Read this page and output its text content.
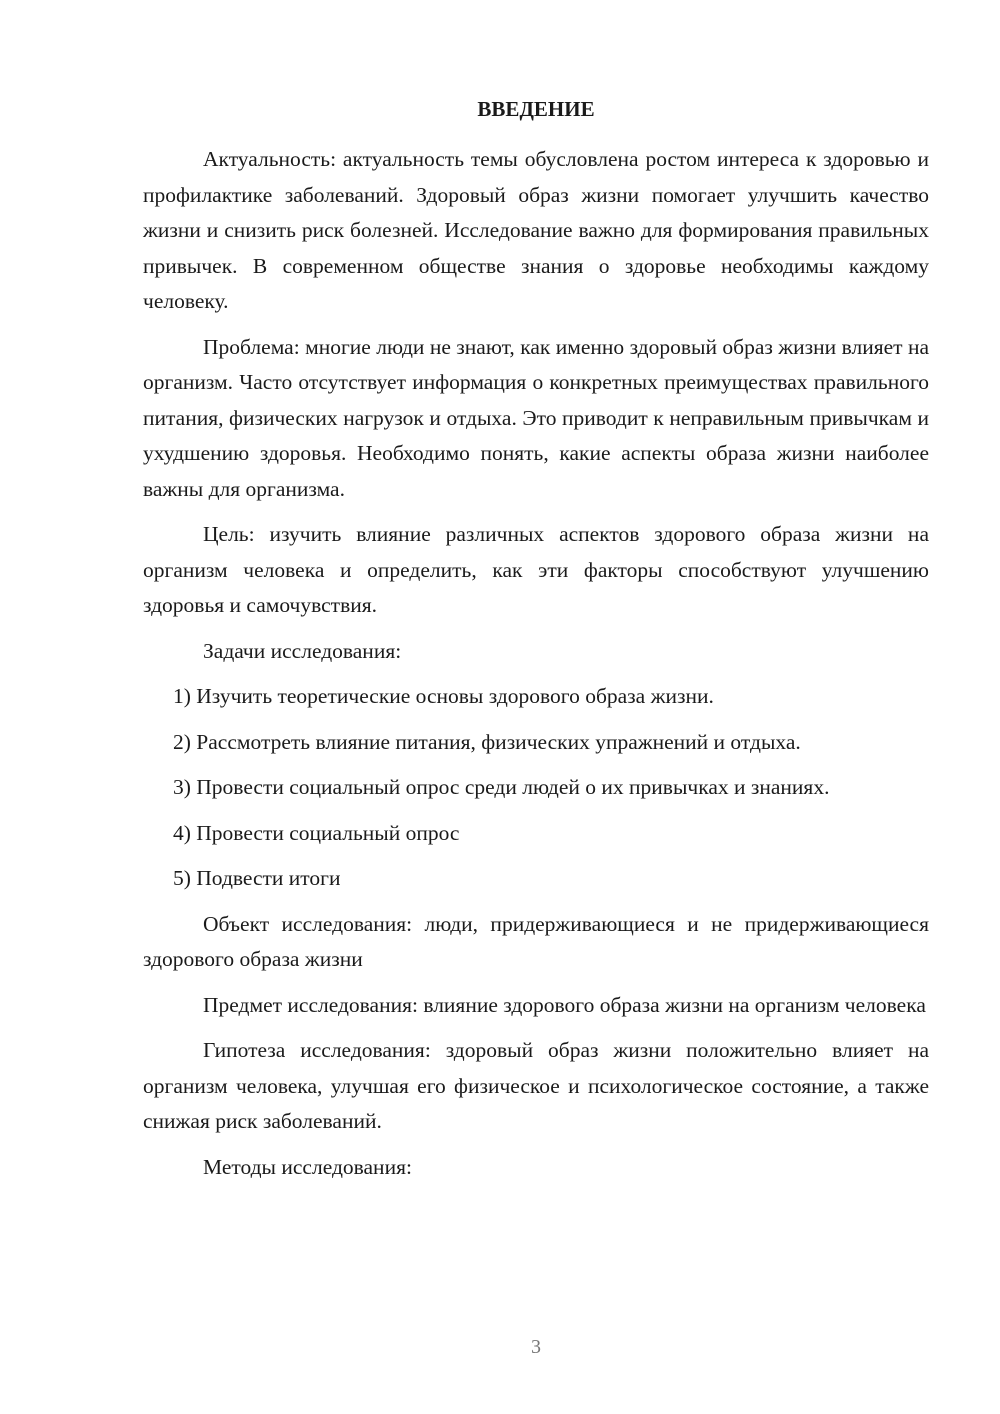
ВВЕДЕНИЕ

Актуальность: актуальность темы обусловлена ростом интереса к здоровью и профилактике заболеваний. Здоровый образ жизни помогает улучшить качество жизни и снизить риск болезней. Исследование важно для формирования правильных привычек. В современном обществе знания о здоровье необходимы каждому человеку.

Проблема: многие люди не знают, как именно здоровый образ жизни влияет на организм. Часто отсутствует информация о конкретных преимуществах правильного питания, физических нагрузок и отдыха. Это приводит к неправильным привычкам и ухудшению здоровья. Необходимо понять, какие аспекты образа жизни наиболее важны для организма.

Цель: изучить влияние различных аспектов здорового образа жизни на организм человека и определить, как эти факторы способствуют улучшению здоровья и самочувствия.

Задачи исследования:

1) Изучить теоретические основы здорового образа жизни.

2) Рассмотреть влияние питания, физических упражнений и отдыха.

3) Провести социальный опрос среди людей о их привычках и знаниях.

4) Провести социальный опрос

5) Подвести итоги

Объект исследования: люди, придерживающиеся и не придерживающиеся здорового образа жизни

Предмет исследования: влияние здорового образа жизни на организм человека

Гипотеза исследования: здоровый образ жизни положительно влияет на организм человека, улучшая его физическое и психологическое состояние, а также снижая риск заболеваний.

Методы исследования:

3
